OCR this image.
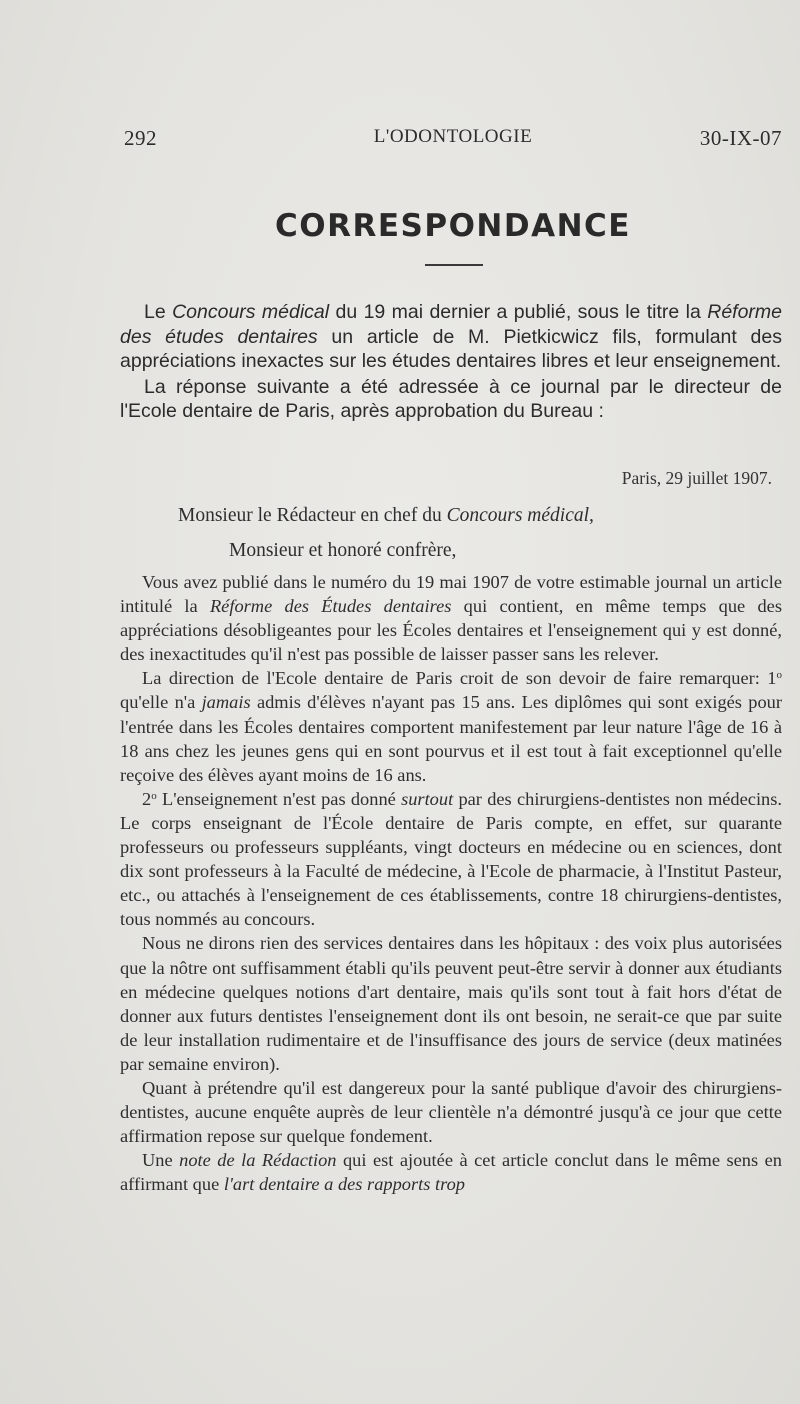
292	L'ODONTOLOGIE	30-IX-07
CORRESPONDANCE

Le Concours médical du 19 mai dernier a publié, sous le titre la Réforme des études dentaires un article de M. Pietkicwicz fils, formulant des appréciations inexactes sur les études dentaires libres et leur enseignement.

La réponse suivante a été adressée à ce journal par le directeur de l'Ecole dentaire de Paris, après approbation du Bureau :

Paris, 29 juillet 1907.
Monsieur le Rédacteur en chef du Concours médical,
Monsieur et honoré confrère,

Vous avez publié dans le numéro du 19 mai 1907 de votre estimable journal un article intitulé la Réforme des Études dentaires qui contient, en même temps que des appréciations désobligeantes pour les Écoles dentaires et l'enseignement qui y est donné, des inexactitudes qu'il n'est pas possible de laisser passer sans les relever.

La direction de l'Ecole dentaire de Paris croit de son devoir de faire remarquer: 1$^o$ qu'elle n'a jamais admis d'élèves n'ayant pas 15 ans. Les diplômes qui sont exigés pour l'entrée dans les Écoles dentaires comportent manifestement par leur nature l'âge de 16 à 18 ans chez les jeunes gens qui en sont pourvus et il est tout à fait exceptionnel qu'elle reçoive des élèves ayant moins de 16 ans.

2$^o$ L'enseignement n'est pas donné surtout par des chirurgiens-dentistes non médecins. Le corps enseignant de l'École dentaire de Paris compte, en effet, sur quarante professeurs ou professeurs suppléants, vingt docteurs en médecine ou en sciences, dont dix sont professeurs à la Faculté de médecine, à l'Ecole de pharmacie, à l'Institut Pasteur, etc., ou attachés à l'enseignement de ces établissements, contre 18 chirurgiens-dentistes, tous nommés au concours.

Nous ne dirons rien des services dentaires dans les hôpitaux : des voix plus autorisées que la nôtre ont suffisamment établi qu'ils peuvent peut-être servir à donner aux étudiants en médecine quelques notions d'art dentaire, mais qu'ils sont tout à fait hors d'état de donner aux futurs dentistes l'enseignement dont ils ont besoin, ne serait-ce que par suite de leur installation rudimentaire et de l'insuffisance des jours de service (deux matinées par semaine environ).

Quant à prétendre qu'il est dangereux pour la santé publique d'avoir des chirurgiens-dentistes, aucune enquête auprès de leur clientèle n'a démontré jusqu'à ce jour que cette affirmation repose sur quelque fondement.

Une note de la Rédaction qui est ajoutée à cet article conclut dans le même sens en affirmant que l'art dentaire a des rapports trop
